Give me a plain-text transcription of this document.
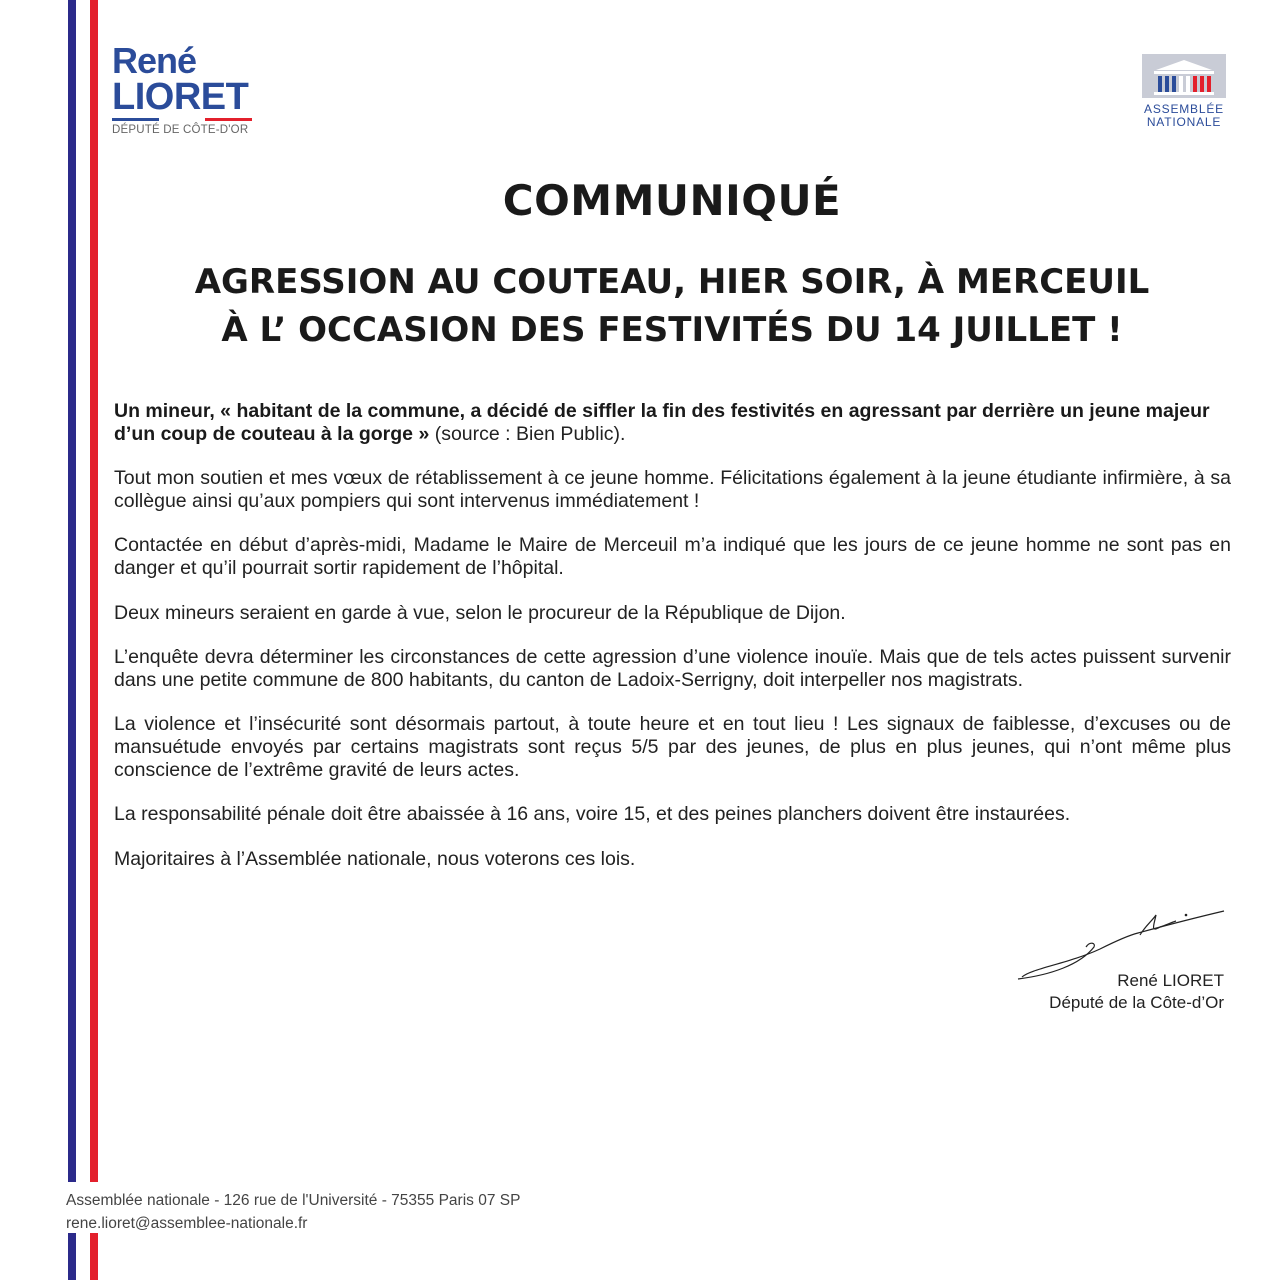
René
LIORET
DÉPUTÉ DE CÔTE-D'OR
ASSEMBLÉE
NATIONALE
COMMUNIQUÉ
AGRESSION AU COUTEAU, HIER SOIR, À MERCEUIL
À L’ OCCASION DES FESTIVITÉS DU 14 JUILLET !

Un mineur, « habitant de la commune, a décidé de siffler la fin des festivités en agressant par derrière un jeune majeur d’un coup de couteau à la gorge » (source : Bien Public).

Tout mon soutien et mes vœux de rétablissement à ce jeune homme. Félicitations également à la jeune étudiante infirmière, à sa collègue ainsi qu’aux pompiers qui sont intervenus immédiatement !

Contactée en début d’après-midi, Madame le Maire de Merceuil m’a indiqué que les jours de ce jeune homme ne sont pas en danger et qu’il pourrait sortir rapidement de l’hôpital.

Deux mineurs seraient en garde à vue, selon le procureur de la République de Dijon.

L’enquête devra déterminer les circonstances de cette agression d’une violence inouïe. Mais que de tels actes puissent survenir dans une petite commune de 800 habitants, du canton de Ladoix-Serrigny, doit interpeller nos magistrats.

La violence et l’insécurité sont désormais partout, à toute heure et en tout lieu ! Les signaux de faiblesse, d’excuses ou de mansuétude envoyés par certains magistrats sont reçus 5/5 par des jeunes, de plus en plus jeunes, qui n’ont même plus conscience de l’extrême gravité de leurs actes.

La responsabilité pénale doit être abaissée à 16 ans, voire 15, et des peines planchers doivent être instaurées.

Majoritaires à l’Assemblée nationale, nous voterons ces lois.

René LIORET
Député de la Côte-d’Or
Assemblée nationale - 126 rue de l'Université - 75355 Paris 07 SP
rene.lioret@assemblee-nationale.fr
